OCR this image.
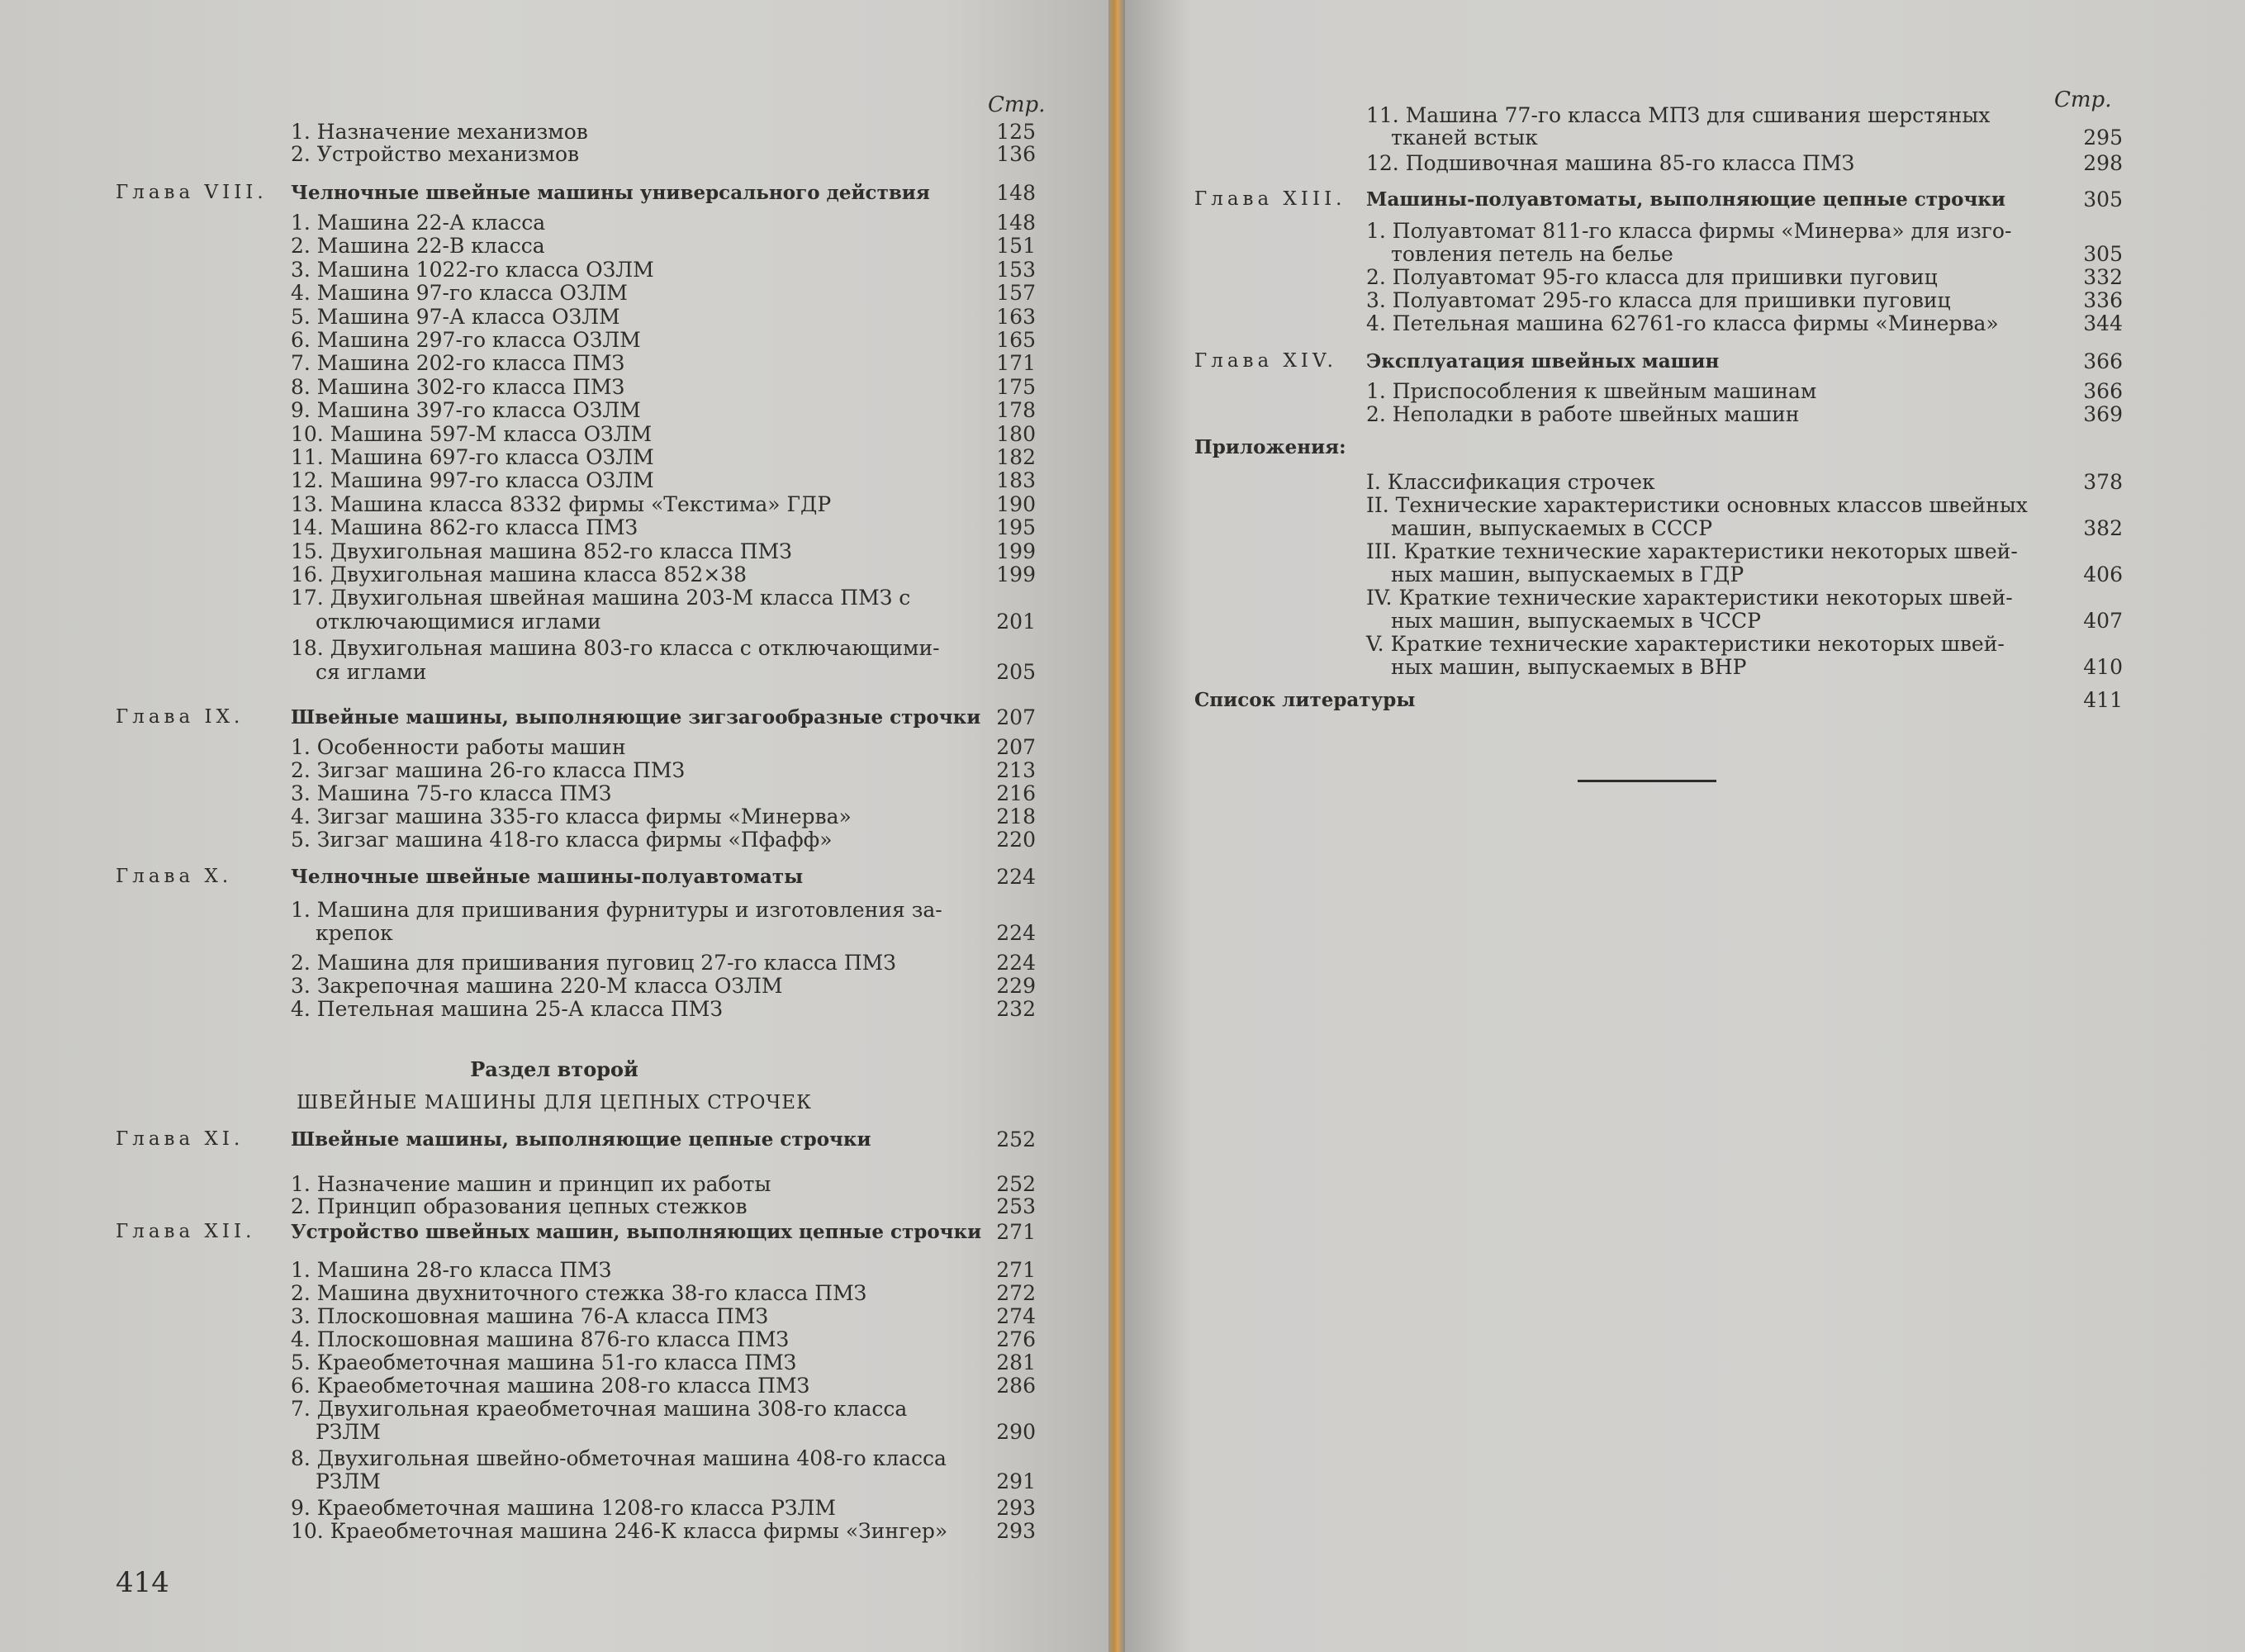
Стр.
1. Назначение механизмов	125
2. Устройство механизмов	136
Глава VIII. Челночные швейные машины универсального действия	148
1. Машина 22-А класса	148
2. Машина 22-В класса	151
3. Машина 1022-го класса ОЗЛМ	153
4. Машина 97-го класса ОЗЛМ	157
5. Машина 97-А класса ОЗЛМ	163
6. Машина 297-го класса ОЗЛМ	165
7. Машина 202-го класса ПМЗ	171
8. Машина 302-го класса ПМЗ	175
9. Машина 397-го класса ОЗЛМ	178
10. Машина 597-М класса ОЗЛМ	180
11. Машина 697-го класса ОЗЛМ	182
12. Машина 997-го класса ОЗЛМ	183
13. Машина класса 8332 фирмы «Текстима» ГДР	190
14. Машина 862-го класса ПМЗ	195
15. Двухигольная машина 852-го класса ПМЗ	199
16. Двухигольная машина класса 852×38	199
17. Двухигольная швейная машина 203-М класса ПМЗ с
отключающимися иглами	201
18. Двухигольная машина 803-го класса с отключающими-
ся иглами	205
Глава IX. Швейные машины, выполняющие зигзагообразные строчки 207
1. Особенности работы машин	207
2. Зигзаг машина 26-го класса ПМЗ	213
3. Машина 75-го класса ПМЗ	216
4. Зигзаг машина 335-го класса фирмы «Минерва»	218
5. Зигзаг машина 418-го класса фирмы «Пфафф»	220
Глава X.	Челночные швейные машины-полуавтоматы	224
1. Машина для пришивания фурнитуры и изготовления за-
крепок	224
2. Машина для пришивания пуговиц 27-го класса ПМЗ	224
3. Закрепочная машина 220-М класса ОЗЛМ	229
4. Петельная машина 25-А класса ПМЗ	232
Глава XI. Швейные машины, выполняющие цепные строчки	252
1. Назначение машин и принцип их работы	252
2. Принцип образования цепных стежков	253
Глава XII. Устройство швейных машин, выполняющих цепные строчки 271
1. Машина 28-го класса ПМЗ	271
2. Машина двухниточного стежка 38-го класса ПМЗ	272
3. Плоскошовная машина 76-А класса ПМЗ	274
4. Плоскошовная машина 876-го класса ПМЗ	276
5. Краеобметочная машина 51-го класса ПМЗ	281
6. Краеобметочная машина 208-го класса ПМЗ	286
7. Двухигольная краеобметочная машина 308-го класса
РЗЛМ	290
8. Двухигольная швейно-обметочная машина 408-го класса
РЗЛМ	291
9. Краеобметочная машина 1208-го класса РЗЛМ	293
10. Краеобметочная машина 246-К класса фирмы «Зингер»	293
Раздел второй
ШВЕЙНЫЕ МАШИНЫ ДЛЯ ЦЕПНЫХ СТРОЧЕК
414
Стр.
11. Машина 77-го класса МПЗ для сшивания шерстяных
тканей встык	295
12. Подшивочная машина 85-го класса ПМЗ	298
Глава XIII. Машины-полуавтоматы, выполняющие цепные строчки	305
1. Полуавтомат 811-го класса фирмы «Минерва» для изго-
товления петель на белье	305
2. Полуавтомат 95-го класса для пришивки пуговиц	332
3. Полуавтомат 295-го класса для пришивки пуговиц	336
4. Петельная машина 62761-го класса фирмы «Минерва»	344
Глава XIV. Эксплуатация швейных машин	366
1. Приспособления к швейным машинам	366
2. Неполадки в работе швейных машин	369
Приложения:
I. Классификация строчек	378
II. Технические характеристики основных классов швейных
машин, выпускаемых в СССР	382
III. Краткие технические характеристики некоторых швей-
ных машин, выпускаемых в ГДР	406
IV. Краткие технические характеристики некоторых швей-
ных машин, выпускаемых в ЧССР	407
V. Краткие технические характеристики некоторых швей-
ных машин, выпускаемых в ВНР	410
Список литературы	411
